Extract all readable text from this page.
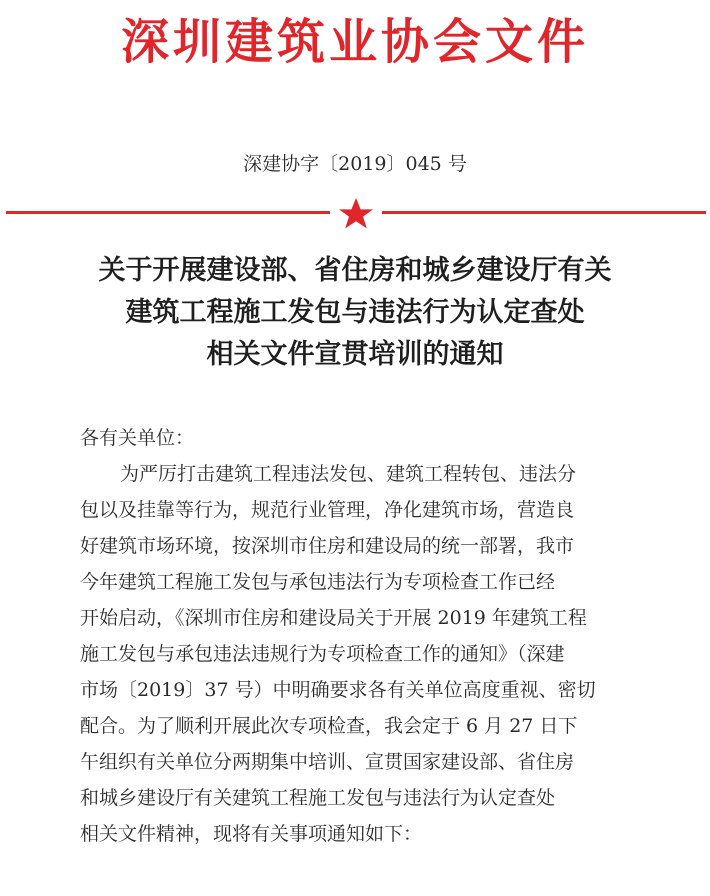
深圳建筑业协会文件
深建协字〔2019〕045 号
关于开展建设部、省住房和城乡建设厅有关
建筑工程施工发包与违法行为认定查处
相关文件宣贯培训的通知
各有关单位：
为严厉打击建筑工程违法发包、建筑工程转包、违法分
包以及挂靠等行为，规范行业管理，净化建筑市场，营造良
好建筑市场环境，按深圳市住房和建设局的统一部署，我市
今年建筑工程施工发包与承包违法行为专项检查工作已经
开始启动，《深圳市住房和建设局关于开展 2019 年建筑工程
施工发包与承包违法违规行为专项检查工作的通知》（深建
市场〔2019〕37 号）中明确要求各有关单位高度重视、密切
配合。为了顺利开展此次专项检查，我会定于 6 月 27 日下
午组织有关单位分两期集中培训、宣贯国家建设部、省住房
和城乡建设厅有关建筑工程施工发包与违法行为认定查处
相关文件精神，现将有关事项通知如下：
